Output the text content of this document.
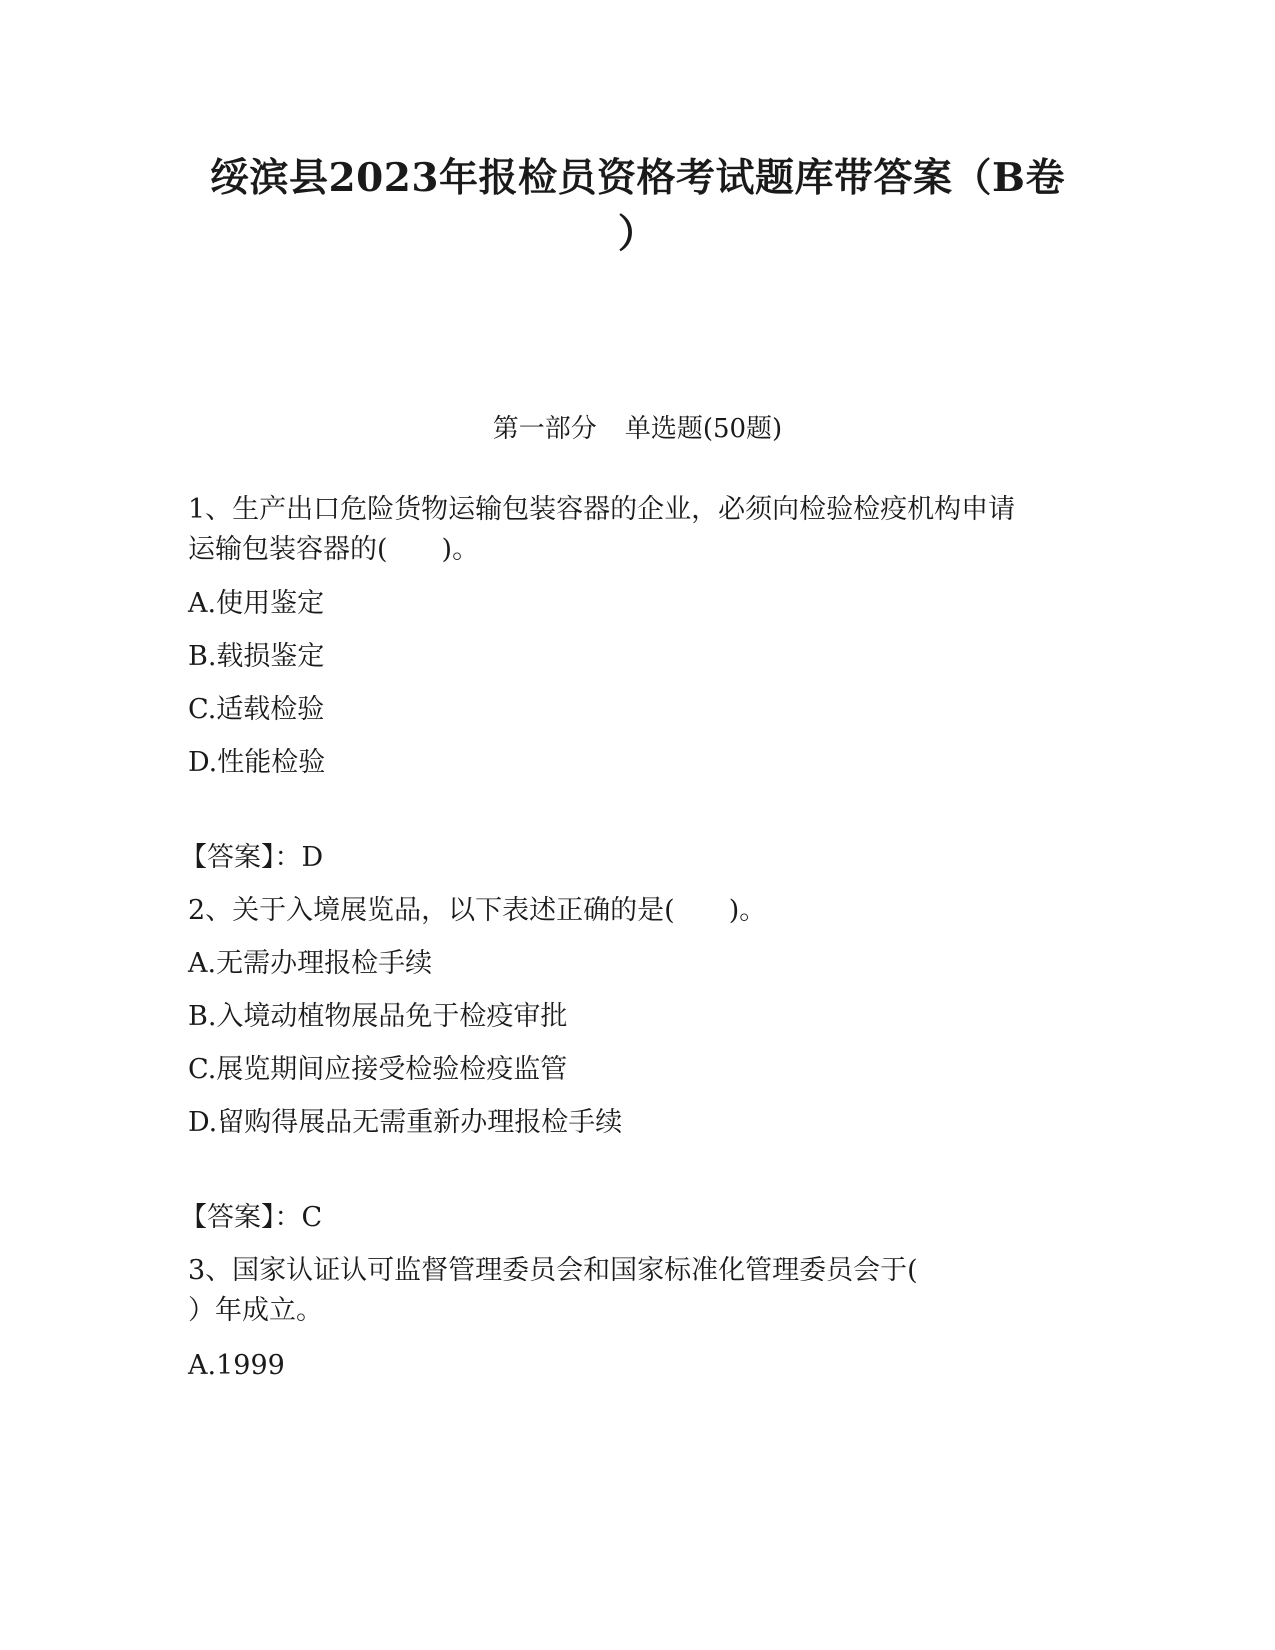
绥滨县2023年报检员资格考试题库带答案（B卷
）
第一部分 单选题(50题)
1、生产出口危险货物运输包装容器的企业，必须向检验检疫机构申请
运输包装容器的(　　)。
A.使用鉴定
B.载损鉴定
C.适载检验
D.性能检验
【答案】：D
2、关于入境展览品，以下表述正确的是(　　)。
A.无需办理报检手续
B.入境动植物展品免于检疫审批
C.展览期间应接受检验检疫监管
D.留购得展品无需重新办理报检手续
【答案】：C
3、国家认证认可监督管理委员会和国家标准化管理委员会于(
）年成立。
A.1999
